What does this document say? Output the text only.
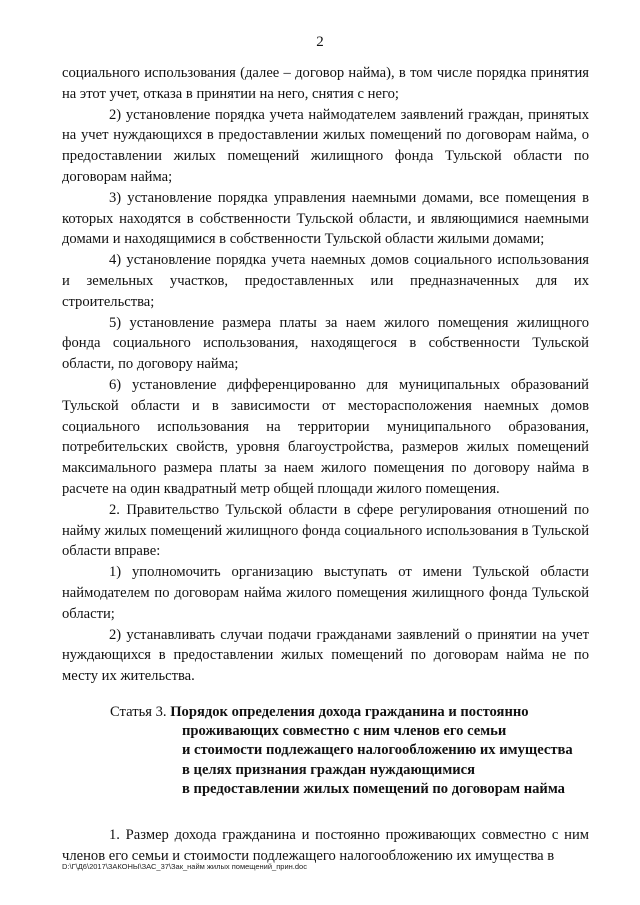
2

социального использования (далее – договор найма), в том числе порядка принятия на этот учет, отказа в принятии на него, снятия с него;

2) установление порядка учета наймодателем заявлений граждан, принятых на учет нуждающихся в предоставлении жилых помещений по договорам найма, о предоставлении жилых помещений жилищного фонда Тульской области по договорам найма;

3) установление порядка управления наемными домами, все помещения в которых находятся в собственности Тульской области, и являющимися наемными домами и находящимися в собственности Тульской области жилыми домами;

4) установление порядка учета наемных домов социального использования и земельных участков, предоставленных или предназначенных для их строительства;

5) установление размера платы за наем жилого помещения жилищного фонда социального использования, находящегося в собственности Тульской области, по договору найма;

6) установление дифференцированно для муниципальных образований Тульской области и в зависимости от месторасположения наемных домов социального использования на территории муниципального образования, потребительских свойств, уровня благоустройства, размеров жилых помещений максимального размера платы за наем жилого помещения по договору найма в расчете на один квадратный метр общей площади жилого помещения.

2. Правительство Тульской области в сфере регулирования отношений по найму жилых помещений жилищного фонда социального использования в Тульской области вправе:

1) уполномочить организацию выступать от имени Тульской области наймодателем по договорам найма жилого помещения жилищного фонда Тульской области;

2) устанавливать случаи подачи гражданами заявлений о принятии на учет нуждающихся в предоставлении жилых помещений по договорам найма не по месту их жительства.

Статья 3. Порядок определения дохода гражданина и постоянно
проживающих совместно с ним членов его семьи
и стоимости подлежащего налогообложению их имущества
в целях признания граждан нуждающимися
в предоставлении жилых помещений по договорам найма

1. Размер дохода гражданина и постоянно проживающих совместно с ним членов его семьи и стоимости подлежащего налогообложению их имущества в

D:\Г\Д6\2017\ЗАКОНЫ\ЗАС_37\Зак_найм жилых помещений_прин.doc
